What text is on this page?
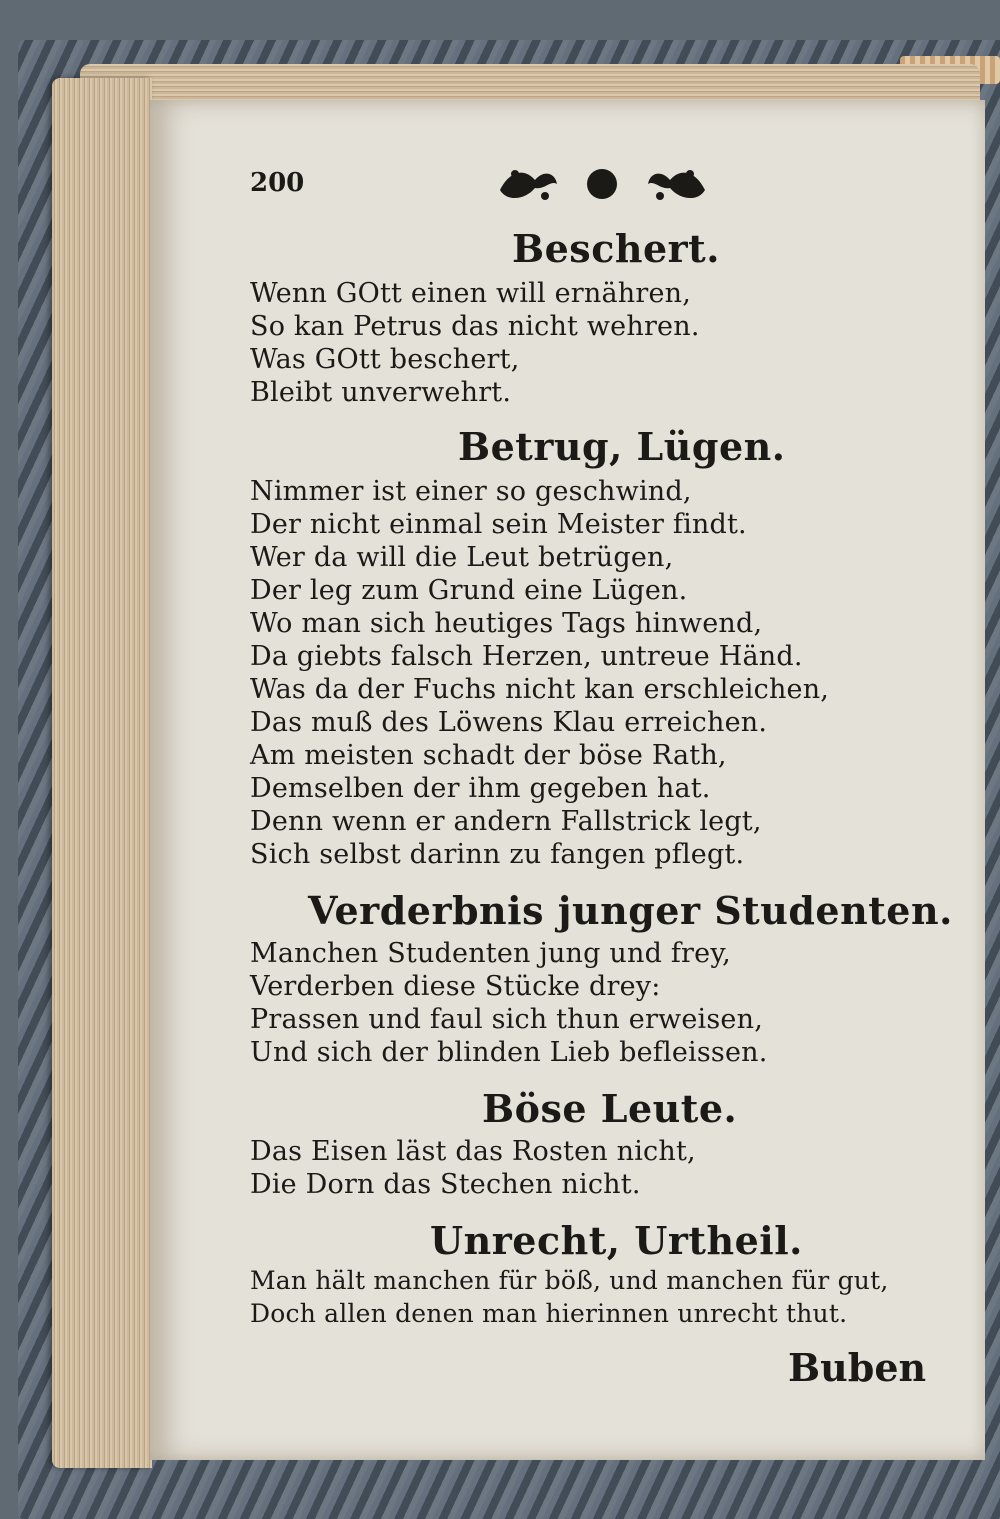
200
Beschert.
Wenn GOtt einen will ernähren,
So kan Petrus das nicht wehren.
Was GOtt beschert,
Bleibt unverwehrt.
Betrug, Lügen.
Nimmer ist einer so geschwind,
Der nicht einmal sein Meister findt.
Wer da will die Leut betrügen,
Der leg zum Grund eine Lügen.
Wo man sich heutiges Tags hinwend,
Da giebts falsch Herzen, untreue Händ.
Was da der Fuchs nicht kan erschleichen,
Das muß des Löwens Klau erreichen.
Am meisten schadt der böse Rath,
Demselben der ihm gegeben hat.
Denn wenn er andern Fallstrick legt,
Sich selbst darinn zu fangen pflegt.
Verderbnis junger Studenten.
Manchen Studenten jung und frey,
Verderben diese Stücke drey:
Prassen und faul sich thun erweisen,
Und sich der blinden Lieb befleissen.
Böse Leute.
Das Eisen läst das Rosten nicht,
Die Dorn das Stechen nicht.
Unrecht, Urtheil.
Man hält manchen für böß, und manchen für gut,
Doch allen denen man hierinnen unrecht thut.
Buben
